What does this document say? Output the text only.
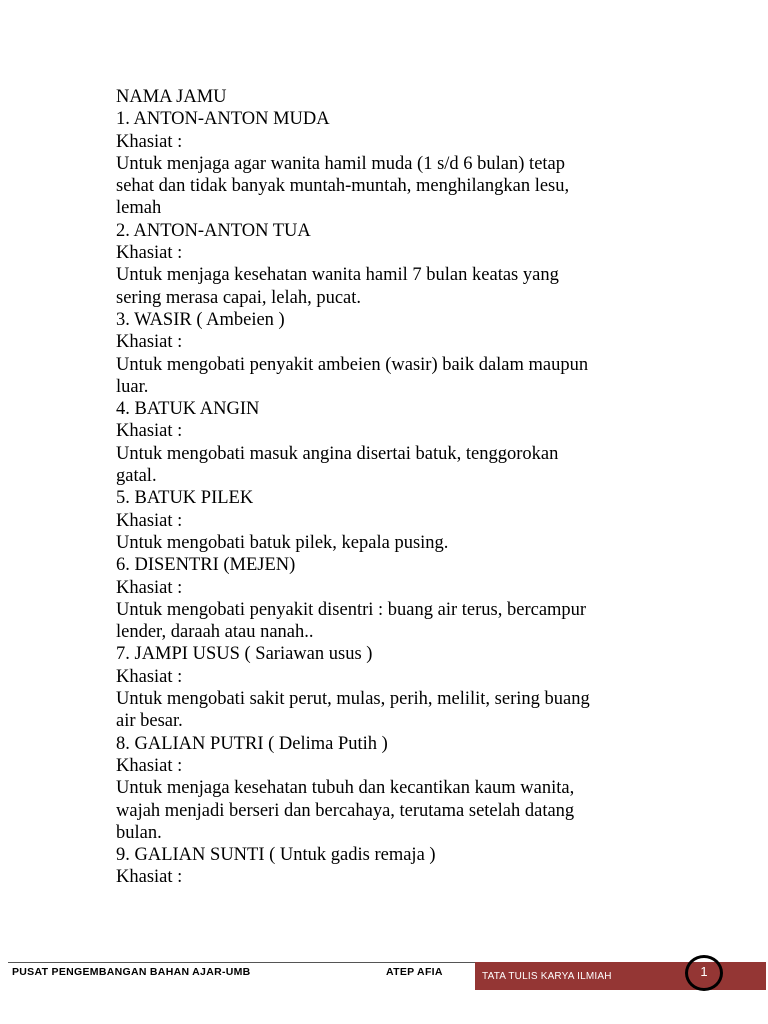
NAMA JAMU
1. ANTON-ANTON MUDA
Khasiat :
Untuk menjaga agar wanita hamil muda (1 s/d 6 bulan) tetap
sehat dan tidak banyak muntah-muntah, menghilangkan lesu,
lemah
2. ANTON-ANTON TUA
Khasiat :
Untuk menjaga kesehatan wanita hamil 7 bulan keatas yang
sering merasa capai, lelah, pucat.
3. WASIR ( Ambeien )
Khasiat :
Untuk mengobati penyakit ambeien (wasir) baik dalam maupun
luar.
4. BATUK ANGIN
Khasiat :
Untuk mengobati masuk angina disertai batuk, tenggorokan
gatal.
5. BATUK PILEK
Khasiat :
Untuk mengobati batuk pilek, kepala pusing.
6. DISENTRI (MEJEN)
Khasiat :
Untuk mengobati penyakit disentri : buang air terus, bercampur
lender, daraah atau nanah..
7. JAMPI USUS ( Sariawan usus )
Khasiat :
Untuk mengobati sakit perut, mulas, perih, melilit, sering buang
air besar.
8. GALIAN PUTRI ( Delima Putih )
Khasiat :
Untuk menjaga kesehatan tubuh dan kecantikan kaum wanita,
wajah menjadi berseri dan bercahaya, terutama setelah datang
bulan.
9. GALIAN SUNTI ( Untuk gadis remaja )
Khasiat :
PUSAT PENGEMBANGAN BAHAN AJAR-UMB	ATEP AFIA	TATA TULIS KARYA ILMIAH	1
